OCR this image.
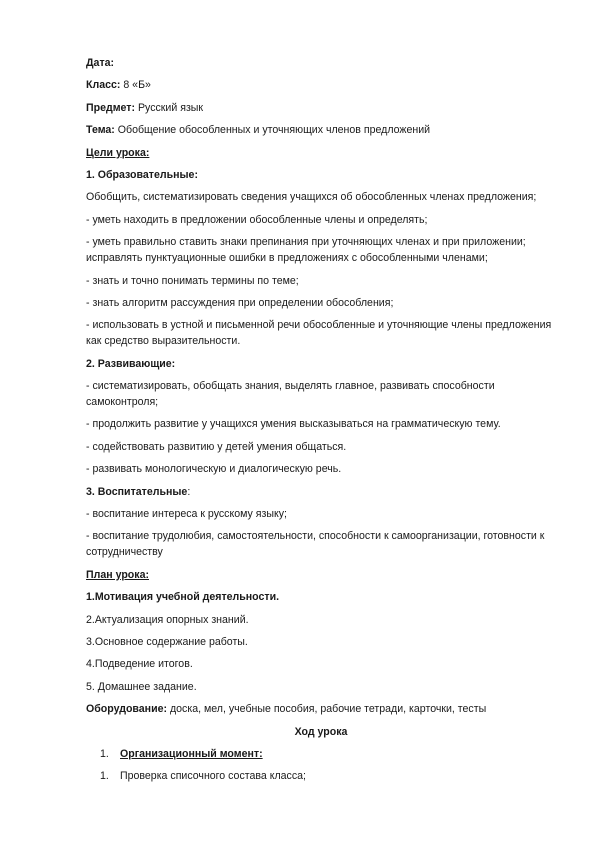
Дата:
Класс: 8 «Б»
Предмет: Русский язык
Тема: Обобщение обособленных и уточняющих членов предложений
Цели урока:
1. Образовательные:
Обобщить, систематизировать сведения учащихся об обособленных членах предложения;
- уметь находить в предложении обособленные члены и определять;
- уметь правильно ставить знаки препинания при уточняющих членах и при приложении; исправлять пунктуационные ошибки в предложениях с обособленными членами;
- знать и точно понимать термины по теме;
- знать алгоритм рассуждения при определении обособления;
- использовать в устной и письменной речи обособленные и уточняющие члены предложения как средство выразительности.
2. Развивающие:
- систематизировать, обобщать знания, выделять главное, развивать способности самоконтроля;
- продолжить развитие у учащихся умения высказываться на грамматическую тему.
- содействовать развитию у детей умения общаться.
- развивать монологическую и диалогическую речь.
3. Воспитательные:
- воспитание интереса к русскому языку;
- воспитание трудолюбия, самостоятельности, способности к самоорганизации, готовности к сотрудничеству
План урока:
1.Мотивация учебной деятельности.
2.Актуализация опорных знаний.
3.Основное содержание работы.
4.Подведение итогов.
5. Домашнее задание.
Оборудование: доска, мел, учебные пособия, рабочие тетради, карточки, тесты
Ход урока
1. Организационный момент:
1. Проверка списочного состава класса;
